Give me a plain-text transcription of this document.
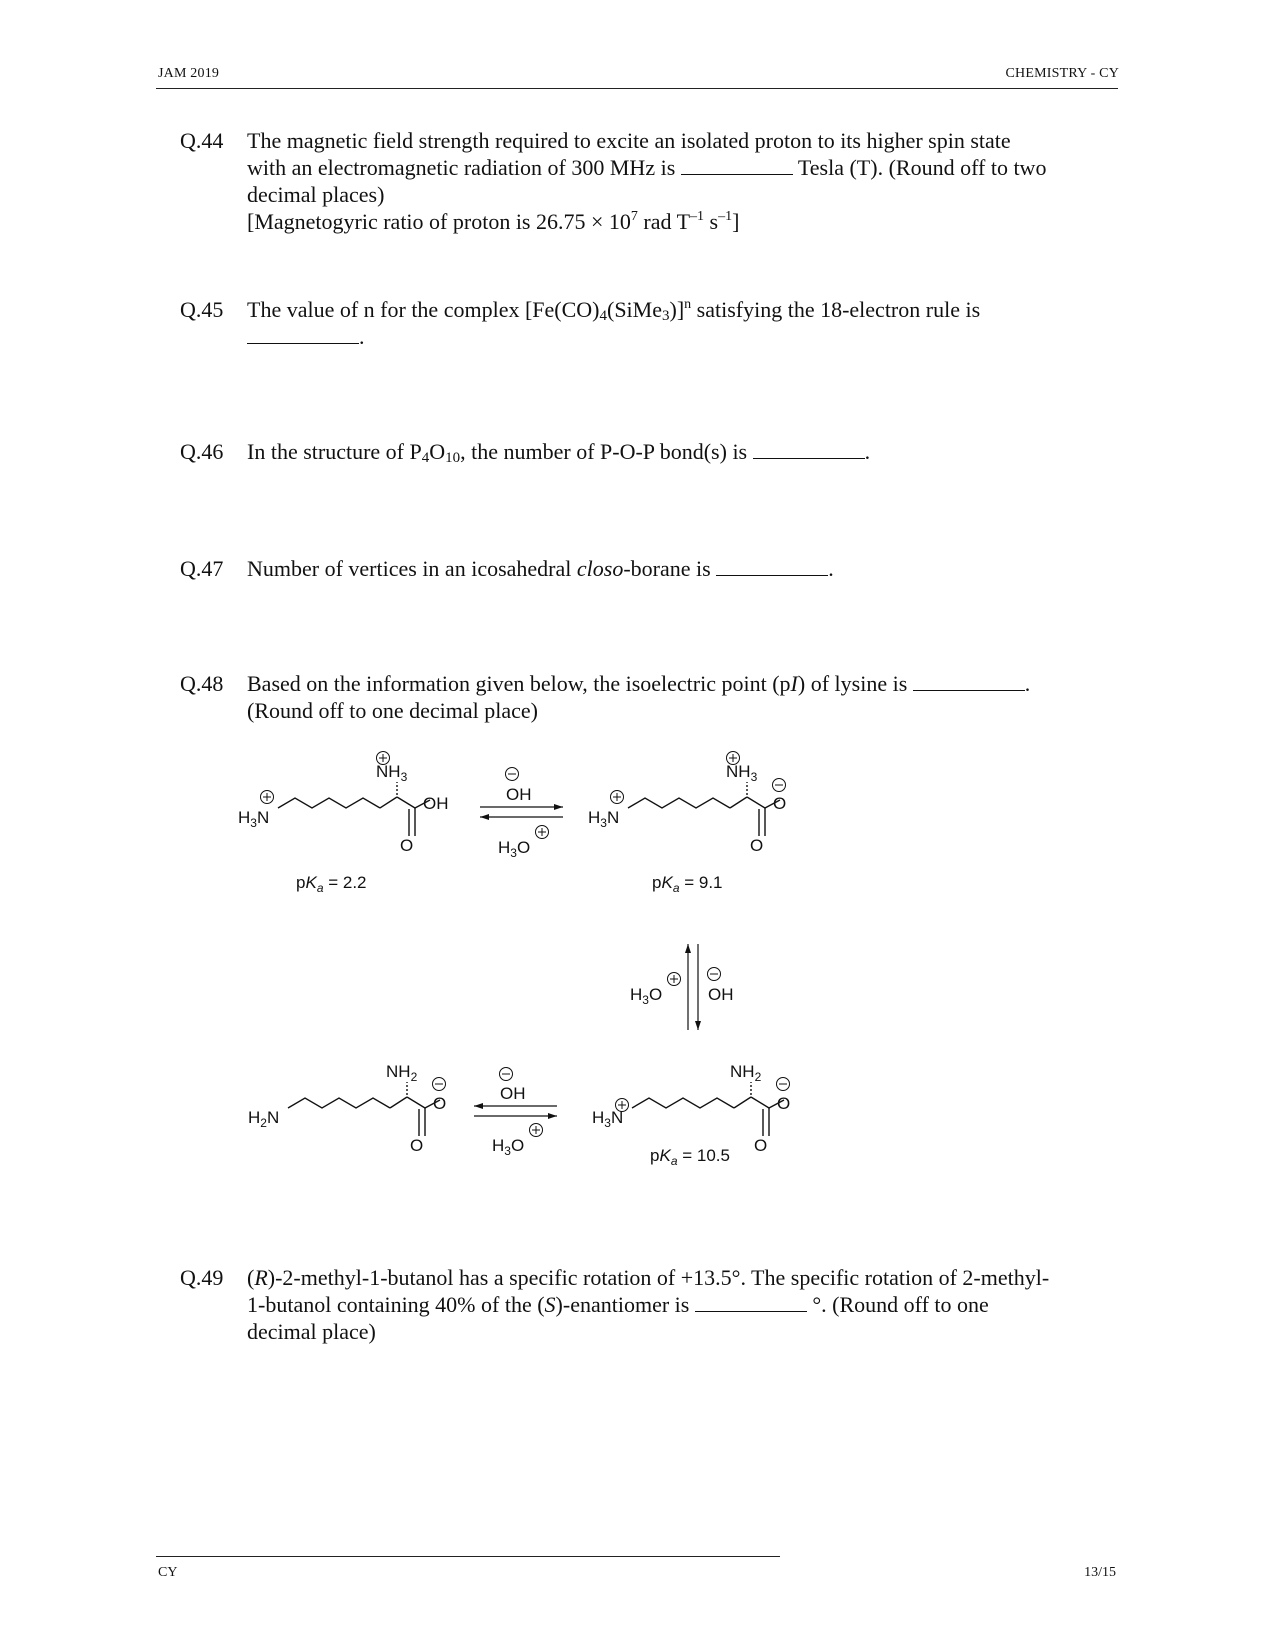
JAM 2019	CHEMISTRY - CY
Q.44	The magnetic field strength required to excite an isolated proton to its higher spin state
with an electromagnetic radiation of 300 MHz is	Tesla (T). (Round off to two
decimal places)
[Magnetogyric ratio of proton is $26.75 \times 10^7$ rad $T^{-1}$ $s^{-1}$]
Q.45	The value of n for the complex $[Fe(CO)_4(SiMe_3)]^n$ satisfying the 18-electron rule is
.
Q.46	In the structure of $P_4O_{10}$, the number of P-O-P bond(s) is	.
Q.47	Number of vertices in an icosahedral closo-borane is	.
Q.48	Based on the information given below, the isoelectric point (pI) of lysine is	.
(Round off to one decimal place)
$H_3N$
$NH_3$
OH
O
OH
$H_3O$
$pK_a = 2.2$
$H_3N$
$NH_3$
O
O
$pK_a = 9.1$
$H_3O$	OH
$H_2N$
$NH_2$
O
O
OH
$H_3O$
$H_3N$
$NH_2$
O
O
$pK_a = 10.5$
Q.49	(R)-2-methyl-1-butanol has a specific rotation of +13.5°. The specific rotation of 2-methyl-
1-butanol containing 40% of the (S)-enantiomer is	°. (Round off to one
decimal place)
CY	13/15
